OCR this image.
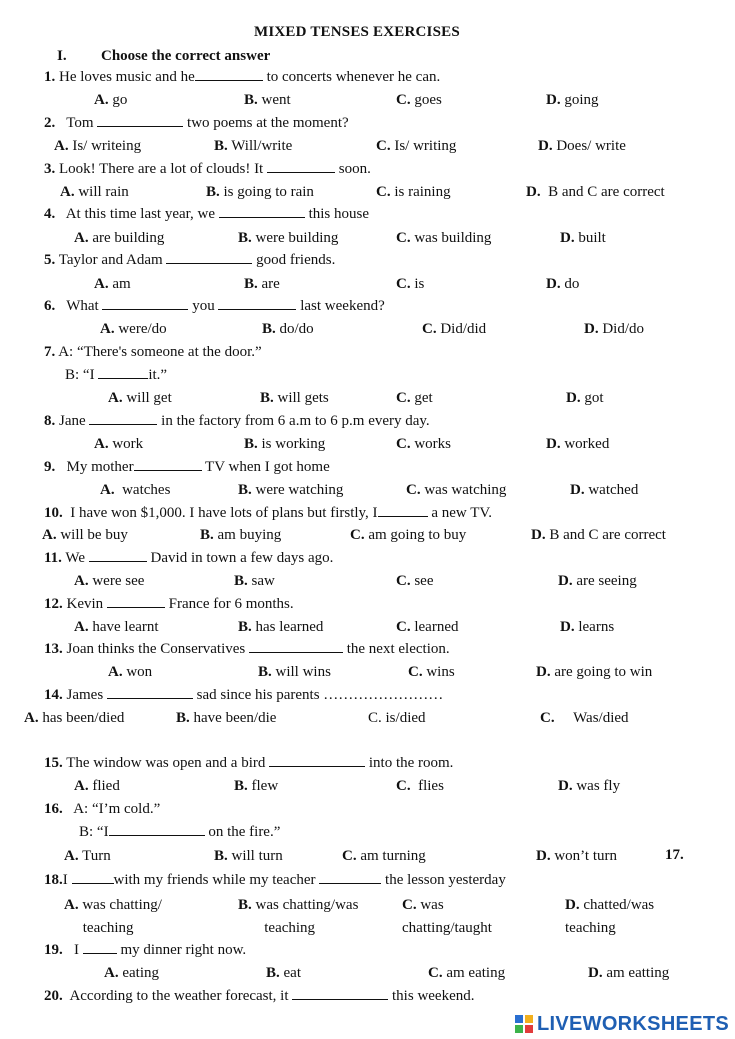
MIXED TENSES EXERCISES
I. Choose the correct answer
1. He loves music and he	to concerts whenever he can.
A. go	B. went	C. goes	D. going
2. Tom	two poems at the moment?
A. Is/ writeing	B. Will/write	C. Is/ writing	D. Does/ write
3. Look! There are a lot of clouds! It	soon.
A. will rain	B. is going to rain	C. is raining	D. B and C are correct
4. At this time last year, we	this house
A. are building	B. were building	C. was building	D. built
5. Taylor and Adam	good friends.
A. am	B. are	C. is	D. do
6. What	you	last weekend?
A. were/do	B. do/do	C. Did/did	D. Did/do
7. A: “There's someone at the door.”
B: “I	it.”
A. will get	B. will gets	C. get	D. got
8. Jane	in the factory from 6 a.m to 6 p.m every day.
A. work	B. is working	C. works	D. worked
9. My mother	TV when I got home
A. watches	B. were watching	C. was watching	D. watched
10. I have won $1,000. I have lots of plans but firstly, I	a new TV.
A. will be buy	B. am buying	C. am going to buy	D. B and C are correct
11. We	David in town a few days ago.
A. were see	B. saw	C. see	D. are seeing
12. Kevin	France for 6 months.
A. have learnt	B. has learned	C. learned	D. learns
13. Joan thinks the Conservatives	the next election.
A. won	B. will wins	C. wins	D. are going to win
14. James	sad since his parents ……………………
A. has been/died	B. have been/die	C. is/died	C. Was/died
15. The window was open and a bird	into the room.
A. flied	B. flew	C. flies	D. was fly
16. A: “I’m cold.”
B: “I	on the fire.”
A. Turn	B. will turn	C. am turning	D. won’t turn	17.
18.I	with my friends while my teacher	the lesson yesterday
A. was chatting/
teaching
B. was chatting/was
teaching
C. was
chatting/taught
D. chatted/was
teaching
19. I  my dinner right now.
A. eating	B. eat	C. am eating	D. am eatting
20. According to the weather forecast, it	this weekend.
LIVEWORKSHEETS
